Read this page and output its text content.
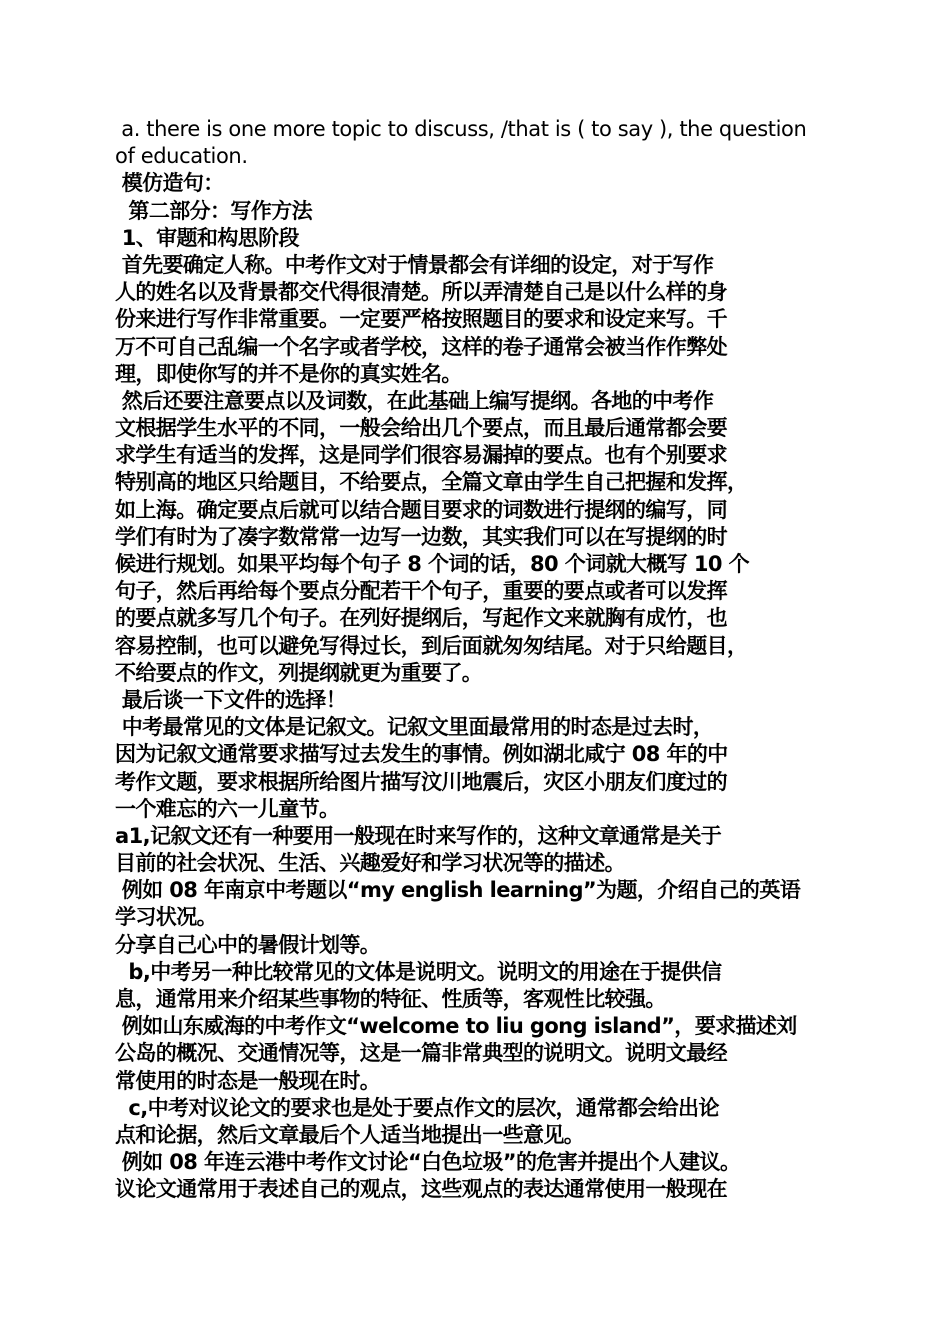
a. there is one more topic to discuss, /that is ( to say ), the question
of education.
模仿造句：
第二部分：写作方法
1、审题和构思阶段
首先要确定人称。中考作文对于情景都会有详细的设定，对于写作
人的姓名以及背景都交代得很清楚。所以弄清楚自己是以什么样的身
份来进行写作非常重要。一定要严格按照题目的要求和设定来写。千
万不可自己乱编一个名字或者学校，这样的卷子通常会被当作作弊处
理，即使你写的并不是你的真实姓名。
然后还要注意要点以及词数，在此基础上编写提纲。各地的中考作
文根据学生水平的不同，一般会给出几个要点，而且最后通常都会要
求学生有适当的发挥，这是同学们很容易漏掉的要点。也有个别要求
特别高的地区只给题目，不给要点，全篇文章由学生自己把握和发挥，
如上海。确定要点后就可以结合题目要求的词数进行提纲的编写，同
学们有时为了凑字数常常一边写一边数，其实我们可以在写提纲的时
候进行规划。如果平均每个句子 8 个词的话，80 个词就大概写 10 个
句子，然后再给每个要点分配若干个句子，重要的要点或者可以发挥
的要点就多写几个句子。在列好提纲后，写起作文来就胸有成竹，也
容易控制，也可以避免写得过长，到后面就匆匆结尾。对于只给题目，
不给要点的作文，列提纲就更为重要了。
最后谈一下文件的选择！
中考最常见的文体是记叙文。记叙文里面最常用的时态是过去时，
因为记叙文通常要求描写过去发生的事情。例如湖北咸宁 08 年的中
考作文题，要求根据所给图片描写汶川地震后，灾区小朋友们度过的
一个难忘的六一儿童节。
a1,记叙文还有一种要用一般现在时来写作的，这种文章通常是关于
目前的社会状况、生活、兴趣爱好和学习状况等的描述。
例如 08 年南京中考题以“my english learning”为题，介绍自己的英语
学习状况。
分享自己心中的暑假计划等。
b,中考另一种比较常见的文体是说明文。说明文的用途在于提供信
息，通常用来介绍某些事物的特征、性质等，客观性比较强。
例如山东威海的中考作文“welcome to liu gong island”，要求描述刘
公岛的概况、交通情况等，这是一篇非常典型的说明文。说明文最经
常使用的时态是一般现在时。
c,中考对议论文的要求也是处于要点作文的层次，通常都会给出论
点和论据，然后文章最后个人适当地提出一些意见。
例如 08 年连云港中考作文讨论“白色垃圾”的危害并提出个人建议。
议论文通常用于表述自己的观点，这些观点的表达通常使用一般现在
